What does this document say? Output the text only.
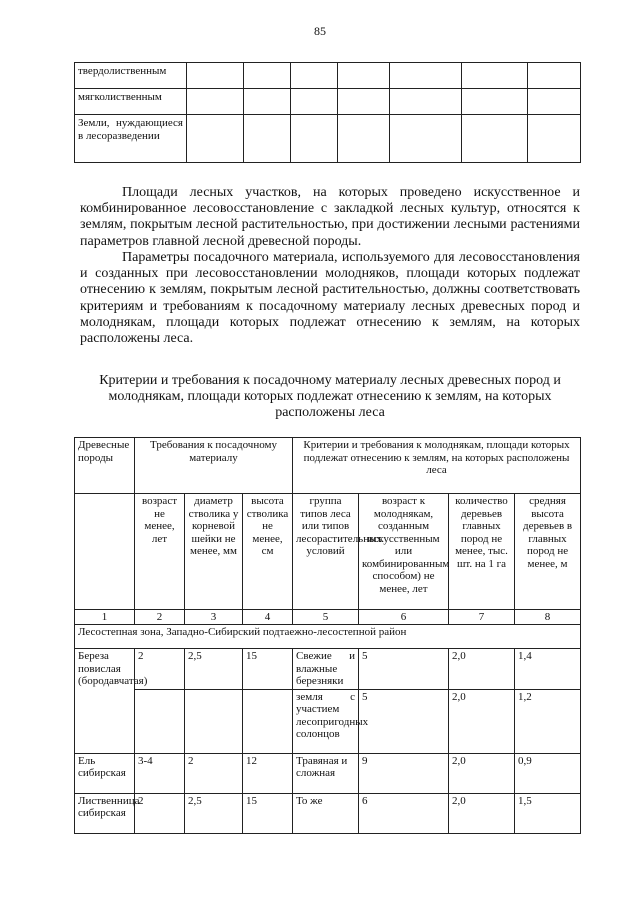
85
твердолиственным								
мягколиственным								
Земли, нуждающиеся в лесоразведении								
Площади лесных участков, на которых проведено искусственное и комбинированное лесовосстановление с закладкой лесных культур, относятся к землям, покрытым лесной растительностью, при достижении лесными растениями параметров главной лесной древесной породы.
Параметры посадочного материала, используемого для лесовосстановления и созданных при лесовосстановлении молодняков, площади которых подлежат отнесению к землям, покрытым лесной растительностью, должны соответствовать критериям и требованиям к посадочному материалу лесных древесных пород и молоднякам, площади которых подлежат отнесению к землям, на которых расположены леса.
Критерии и требования к посадочному материалу лесных древесных пород и молоднякам, площади которых подлежат отнесению к землям, на которых расположены леса
Древесные породы	Требования к посадочному материалу			Критерии и требования к молоднякам, площади которых подлежат отнесению к землям, на которых расположены леса			
	возраст не менее, лет	диаметр стволика у корневой шейки не менее, мм	высота стволика не менее, см	группа типов леса или типов лесорастительных условий	возраст к молоднякам, созданным искусственным или комбинированным способом) не менее, лет	количество деревьев главных пород не менее, тыс. шт. на 1 га	средняя высота деревьев в главных пород не менее, м
1	2	3	4	5	6	7	8
Лесостепная зона, Западно-Сибирский подтаежно-лесостепной район							
Береза повислая (бородавчатая)	2	2,5	15	Свежие и влажные березняки	5	2,0	1,4
				земля с участием лесопригодных солонцов	5	2,0	1,2
Ель сибирская	3-4	2	12	Травяная и сложная	9	2,0	0,9
Лиственница сибирская	2	2,5	15	То же	6	2,0	1,5
